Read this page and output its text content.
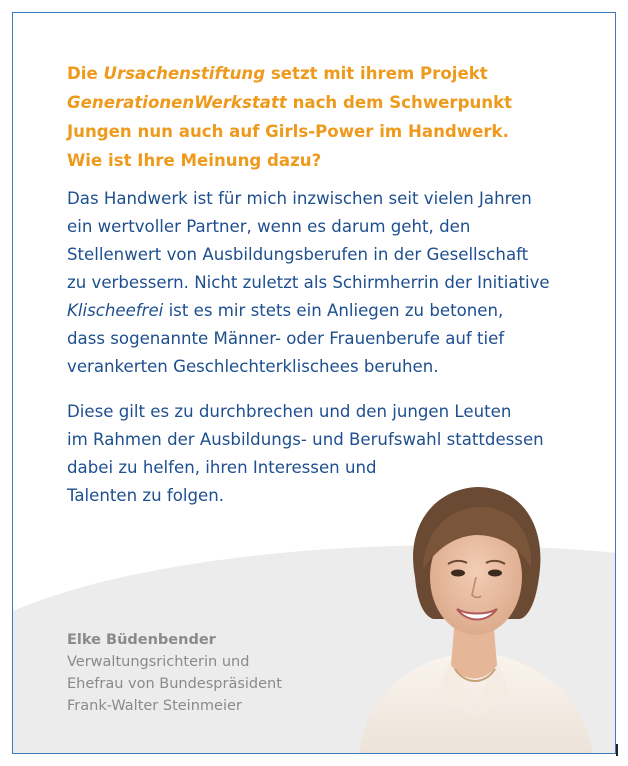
Die Ursachenstiftung setzt mit ihrem Projekt
GenerationenWerkstatt nach dem Schwerpunkt
Jungen nun auch auf Girls-Power im Handwerk.
Wie ist Ihre Meinung dazu?

Das Handwerk ist für mich inzwischen seit vielen Jahren
ein wertvoller Partner, wenn es darum geht, den
Stellenwert von Ausbildungsberufen in der Gesellschaft
zu verbessern. Nicht zuletzt als Schirmherrin der Initiative
Klischeefrei ist es mir stets ein Anliegen zu betonen,
dass sogenannte Männer- oder Frauenberufe auf tief
verankerten Geschlechterklischees beruhen.

Diese gilt es zu durchbrechen und den jungen Leuten
im Rahmen der Ausbildungs- und Berufswahl stattdessen
dabei zu helfen, ihren Interessen und
Talenten zu folgen.

Elke Büdenbender
Verwaltungsrichterin und
Ehefrau von Bundespräsident
Frank-Walter Steinmeier
